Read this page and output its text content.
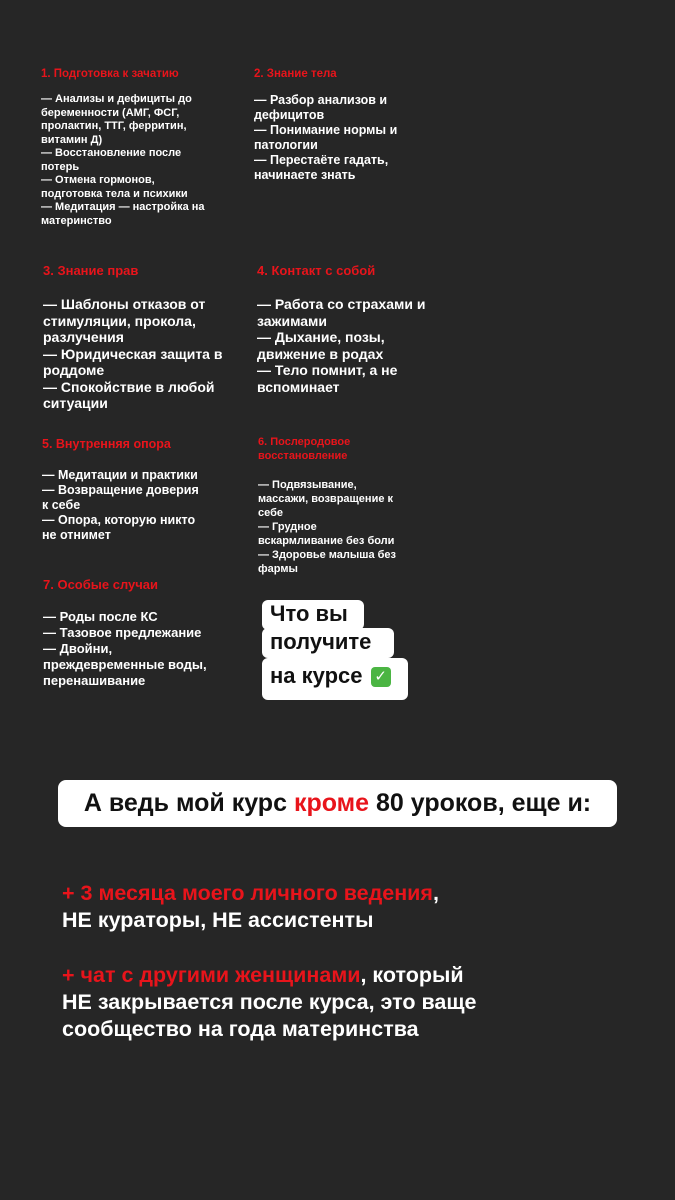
1. Подготовка к зачатию
— Анализы и дефициты до
беременности (АМГ, ФСГ,
пролактин, ТТГ, ферритин,
витамин Д)
— Восстановление после
потерь
— Отмена гормонов,
подготовка тела и психики
— Медитация — настройка на
материнство
2. Знание тела
— Разбор анализов и
дефицитов
— Понимание нормы и
патологии
— Перестаёте гадать,
начинаете знать
3. Знание прав
— Шаблоны отказов от
стимуляции, прокола,
разлучения
— Юридическая защита в
роддоме
— Спокойствие в любой
ситуации
4. Контакт с собой
— Работа со страхами и
зажимами
— Дыхание, позы,
движение в родах
— Тело помнит, а не
вспоминает
5. Внутренняя опора
— Медитации и практики
— Возвращение доверия
к себе
— Опора, которую никто
не отнимет
6. Послеродовое
восстановление
— Подвязывание,
массажи, возвращение к
себе
— Грудное
вскармливание без боли
— Здоровье малыша без
фармы
7. Особые случаи
— Роды после КС
— Тазовое предлежание
— Двойни,
преждевременные воды,
перенашивание
Что вы
получите
на курсе ✓
А ведь мой курс кроме 80 уроков, еще и:
+ 3 месяца моего личного ведения,
НЕ кураторы, НЕ ассистенты
+ чат с другими женщинами, который
НЕ закрывается после курса, это ваще
сообщество на года материнства
